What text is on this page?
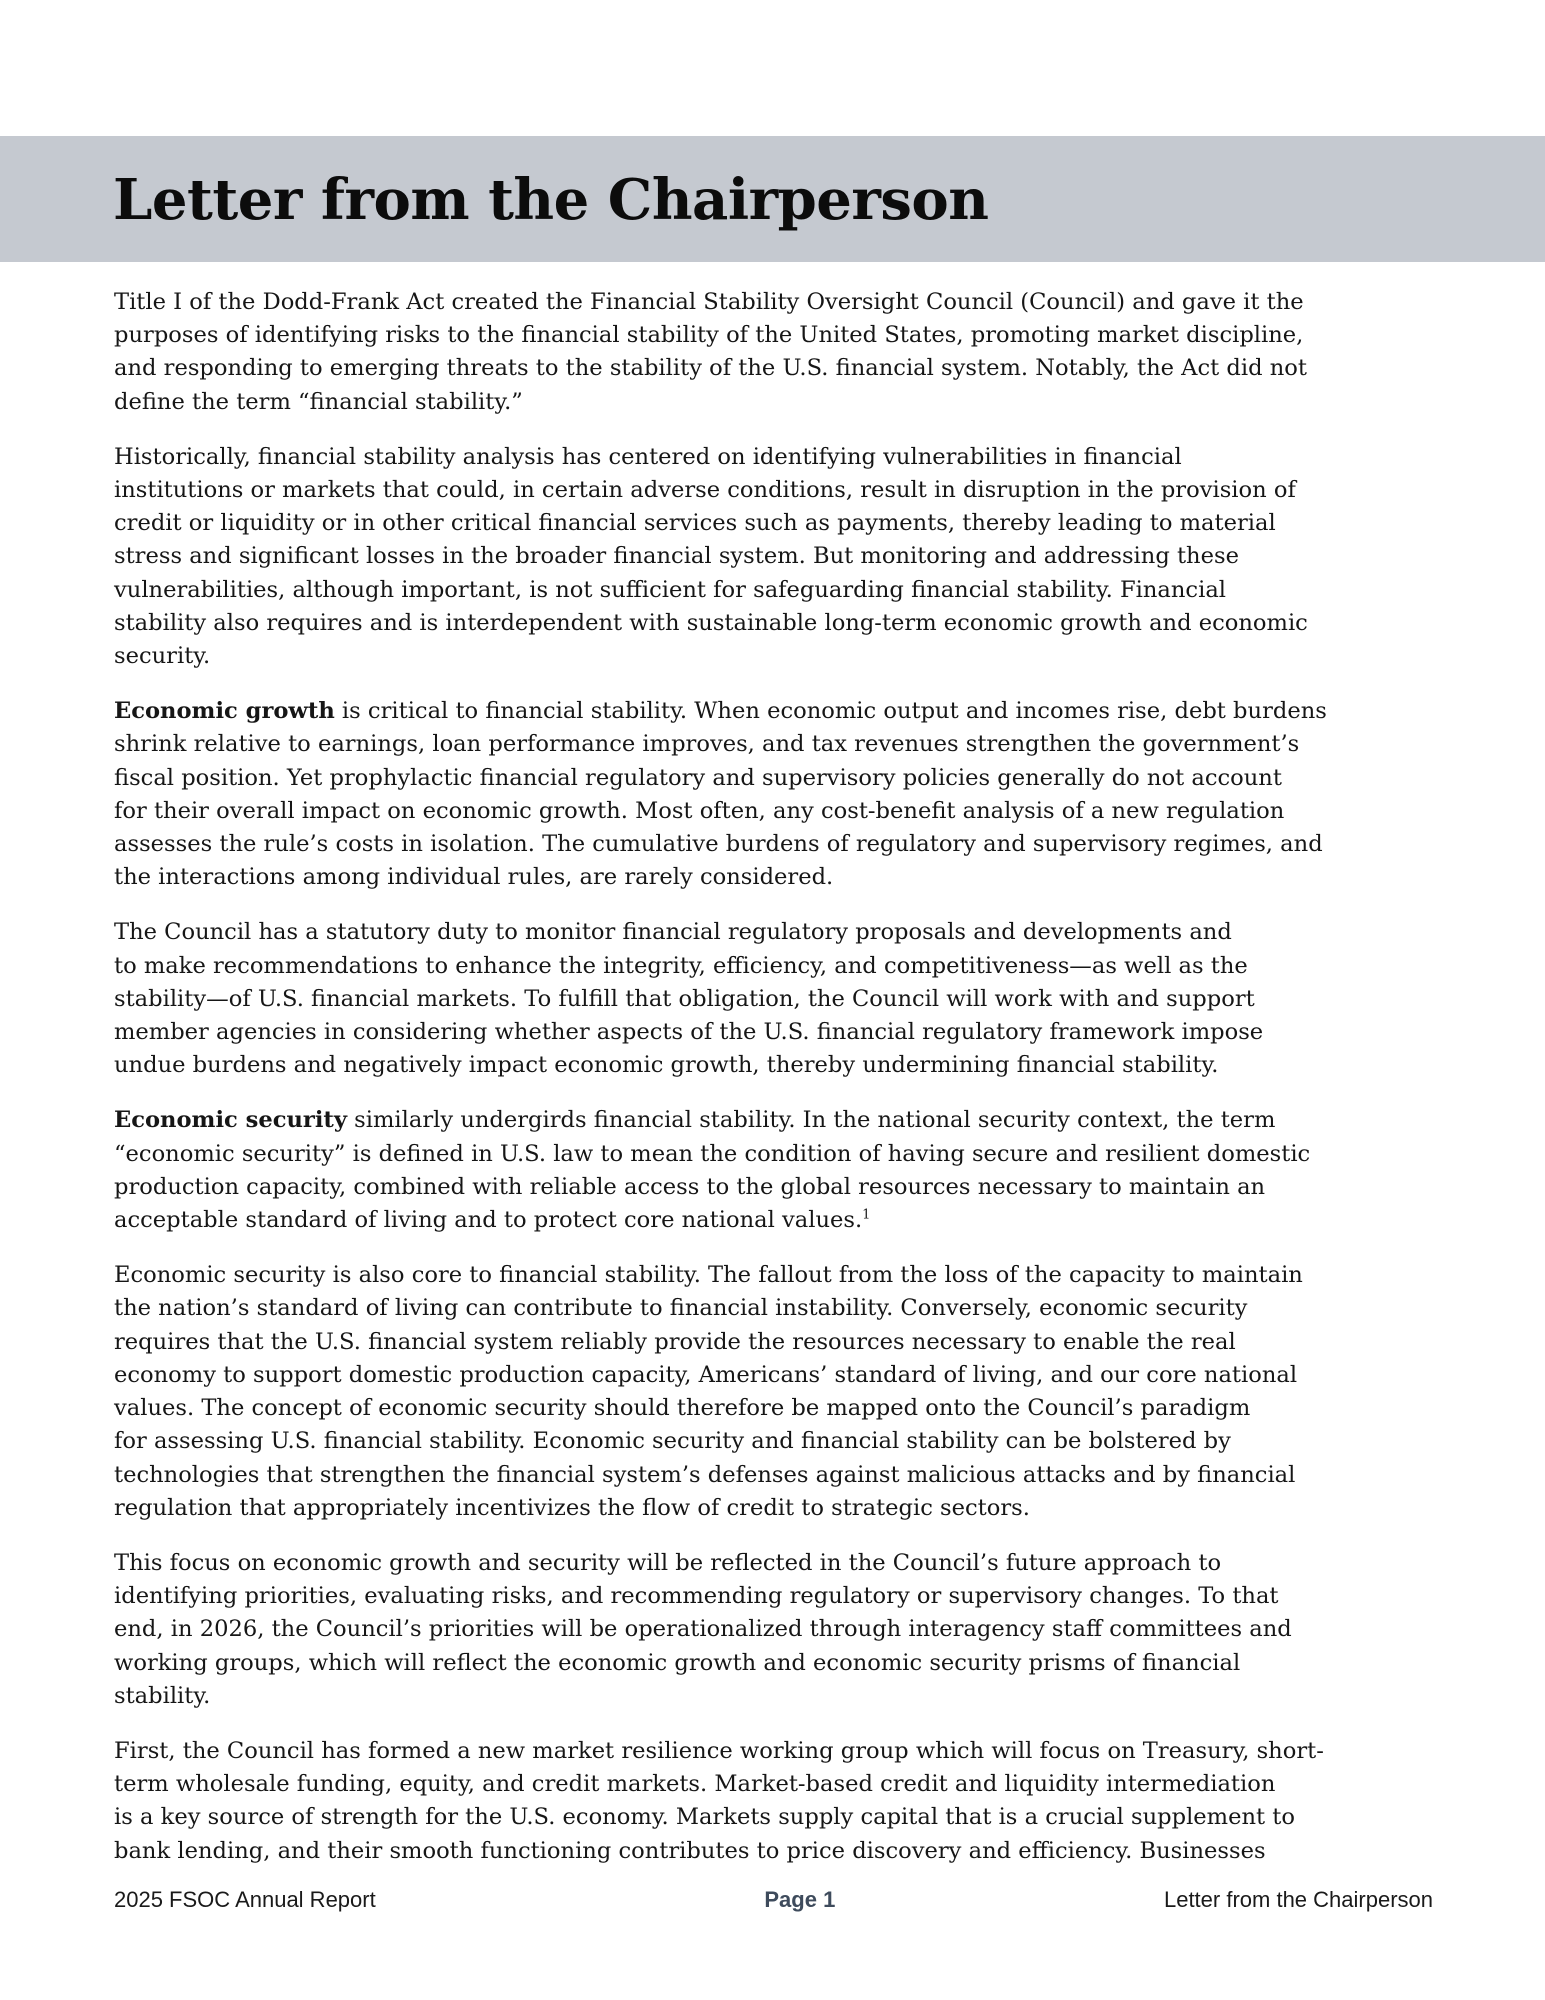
Letter from the Chairperson

Title I of the Dodd-Frank Act created the Financial Stability Oversight Council (Council) and gave it the
purposes of identifying risks to the financial stability of the United States, promoting market discipline,
and responding to emerging threats to the stability of the U.S. financial system. Notably, the Act did not
define the term “financial stability.”

Historically, financial stability analysis has centered on identifying vulnerabilities in financial
institutions or markets that could, in certain adverse conditions, result in disruption in the provision of
credit or liquidity or in other critical financial services such as payments, thereby leading to material
stress and significant losses in the broader financial system. But monitoring and addressing these
vulnerabilities, although important, is not sufficient for safeguarding financial stability. Financial
stability also requires and is interdependent with sustainable long-term economic growth and economic
security.

Economic growth is critical to financial stability. When economic output and incomes rise, debt burdens
shrink relative to earnings, loan performance improves, and tax revenues strengthen the government’s
fiscal position. Yet prophylactic financial regulatory and supervisory policies generally do not account
for their overall impact on economic growth. Most often, any cost-benefit analysis of a new regulation
assesses the rule’s costs in isolation. The cumulative burdens of regulatory and supervisory regimes, and
the interactions among individual rules, are rarely considered.

The Council has a statutory duty to monitor financial regulatory proposals and developments and
to make recommendations to enhance the integrity, efficiency, and competitiveness—as well as the
stability—of U.S. financial markets. To fulfill that obligation, the Council will work with and support
member agencies in considering whether aspects of the U.S. financial regulatory framework impose
undue burdens and negatively impact economic growth, thereby undermining financial stability.

Economic security similarly undergirds financial stability. In the national security context, the term
“economic security” is defined in U.S. law to mean the condition of having secure and resilient domestic
production capacity, combined with reliable access to the global resources necessary to maintain an
acceptable standard of living and to protect core national values.$^1$

Economic security is also core to financial stability. The fallout from the loss of the capacity to maintain
the nation’s standard of living can contribute to financial instability. Conversely, economic security
requires that the U.S. financial system reliably provide the resources necessary to enable the real
economy to support domestic production capacity, Americans’ standard of living, and our core national
values. The concept of economic security should therefore be mapped onto the Council’s paradigm
for assessing U.S. financial stability. Economic security and financial stability can be bolstered by
technologies that strengthen the financial system’s defenses against malicious attacks and by financial
regulation that appropriately incentivizes the flow of credit to strategic sectors.

This focus on economic growth and security will be reflected in the Council’s future approach to
identifying priorities, evaluating risks, and recommending regulatory or supervisory changes. To that
end, in 2026, the Council’s priorities will be operationalized through interagency staff committees and
working groups, which will reflect the economic growth and economic security prisms of financial
stability.

First, the Council has formed a new market resilience working group which will focus on Treasury, short-
term wholesale funding, equity, and credit markets. Market-based credit and liquidity intermediation
is a key source of strength for the U.S. economy. Markets supply capital that is a crucial supplement to
bank lending, and their smooth functioning contributes to price discovery and efficiency. Businesses

2025 FSOC Annual Report	Page 1	Letter from the Chairperson
